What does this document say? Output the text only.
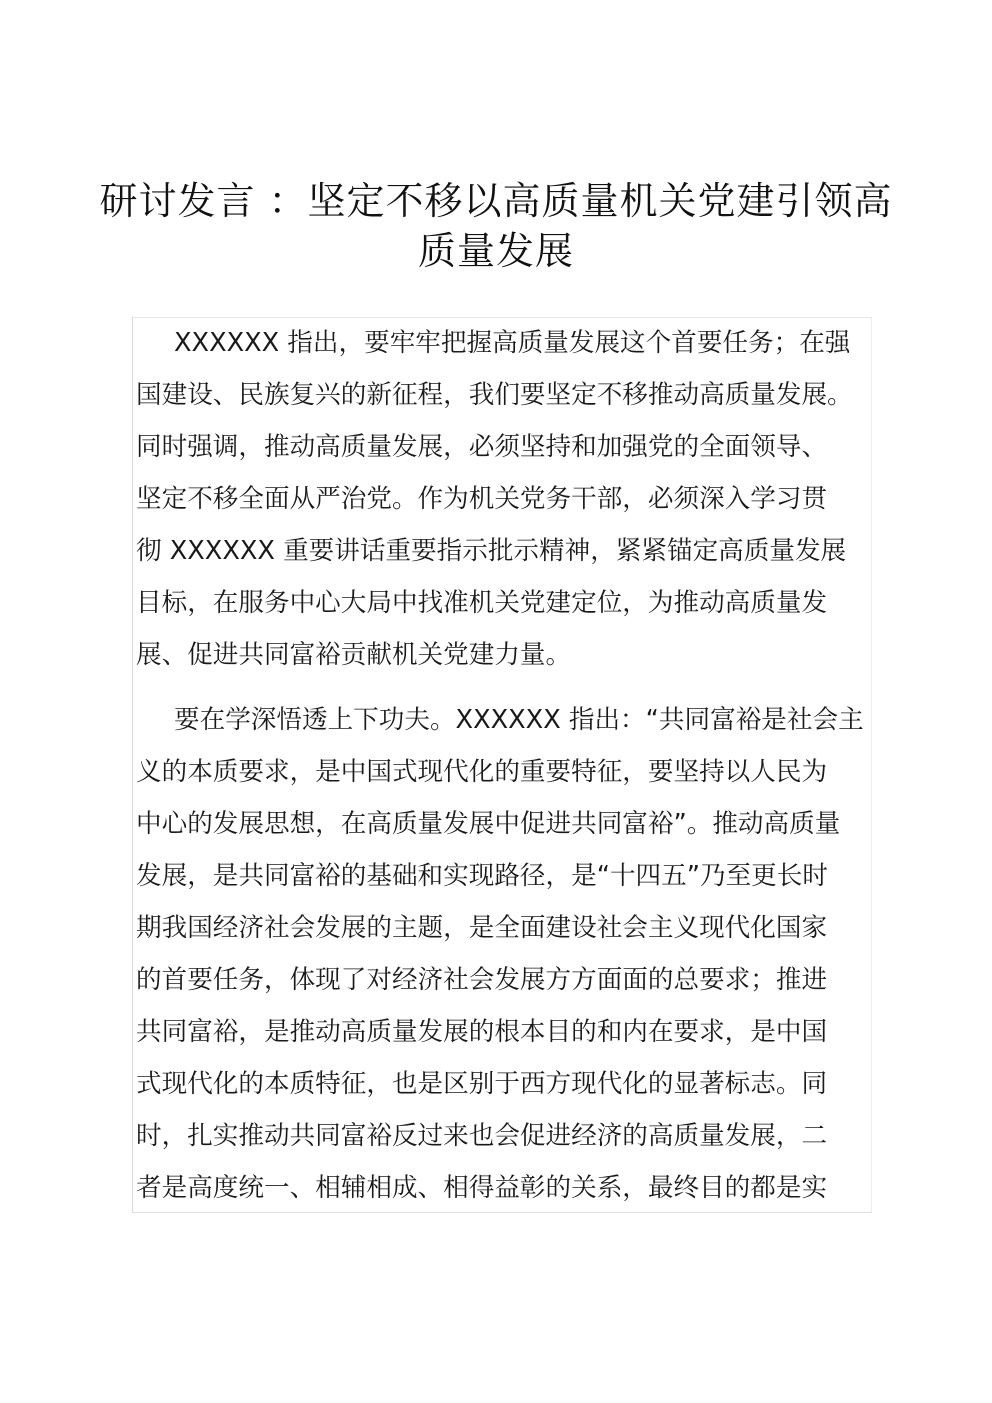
研讨发言 ：坚定不移以高质量机关党建引领高
质量发展
XXXXXX 指出，要牢牢把握高质量发展这个首要任务；在强
国建设、民族复兴的新征程，我们要坚定不移推动高质量发展。
同时强调，推动高质量发展，必须坚持和加强党的全面领导、
坚定不移全面从严治党。作为机关党务干部，必须深入学习贯
彻 XXXXXX 重要讲话重要指示批示精神，紧紧锚定高质量发展
目标，在服务中心大局中找准机关党建定位，为推动高质量发
展、促进共同富裕贡献机关党建力量。
要在学深悟透上下功夫。XXXXXX 指出：“共同富裕是社会主
义的本质要求，是中国式现代化的重要特征，要坚持以人民为
中心的发展思想，在高质量发展中促进共同富裕”。推动高质量
发展，是共同富裕的基础和实现路径，是“十四五”乃至更长时
期我国经济社会发展的主题，是全面建设社会主义现代化国家
的首要任务，体现了对经济社会发展方方面面的总要求；推进
共同富裕，是推动高质量发展的根本目的和内在要求，是中国
式现代化的本质特征，也是区别于西方现代化的显著标志。同
时，扎实推动共同富裕反过来也会促进经济的高质量发展，二
者是高度统一、相辅相成、相得益彰的关系，最终目的都是实
